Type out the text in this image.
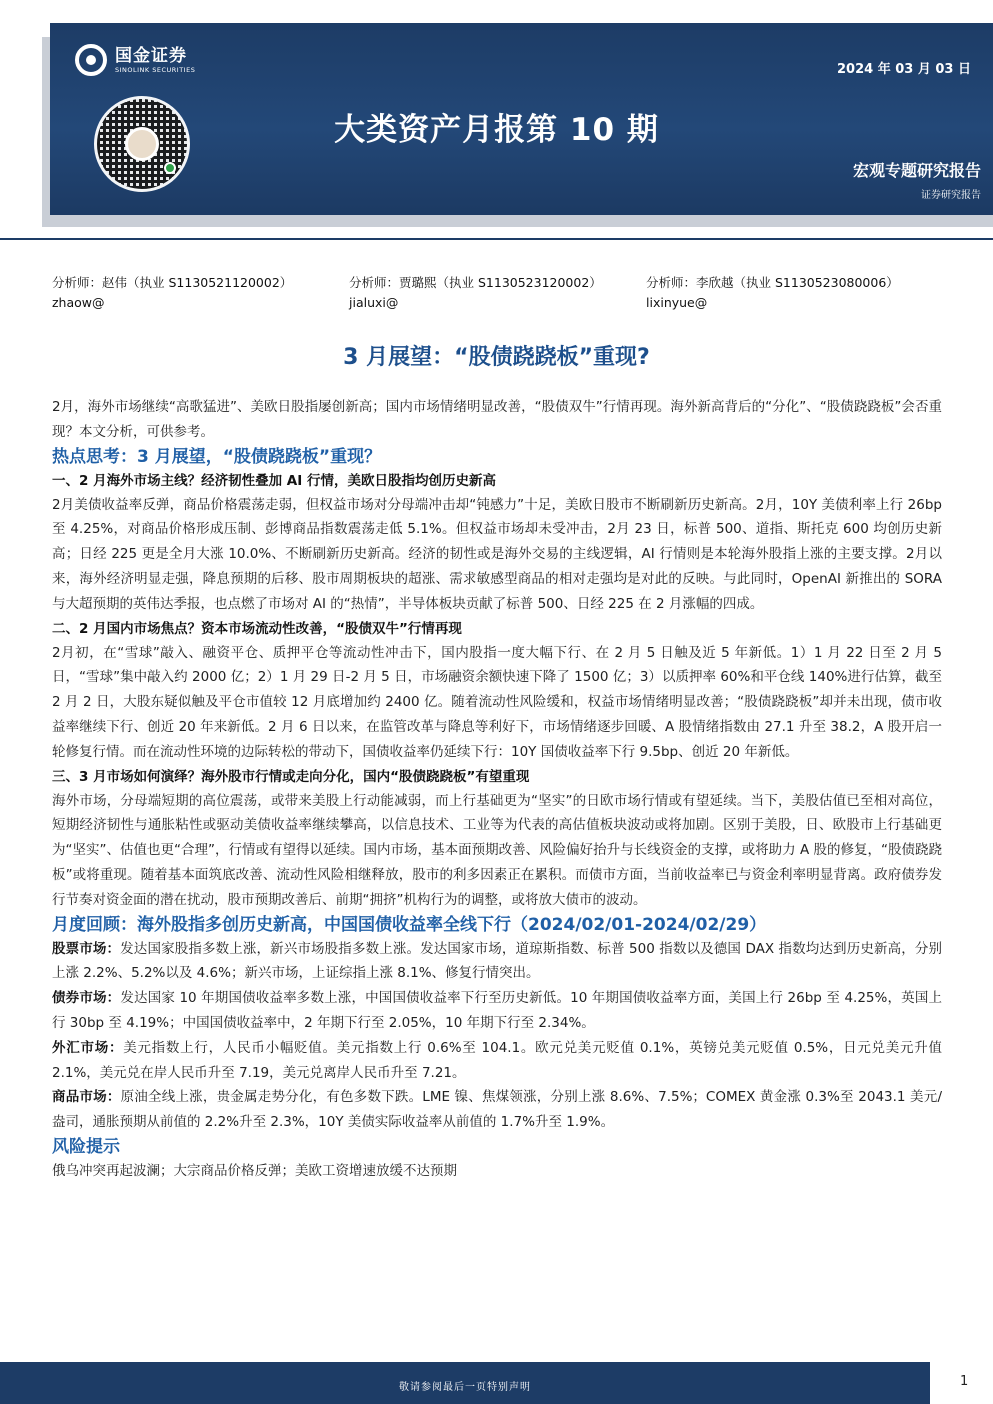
国金证券
SINOLINK SECURITIES	2024 年 03 月 03 日
大类资产月报第 10 期
宏观专题研究报告
证券研究报告
分析师：赵伟（执业 S1130521120002）
zhaow@
分析师：贾璐熙（执业 S1130523120002）
jialuxi@
分析师：李欣越（执业 S1130523080006）
lixinyue@
3 月展望：“股债跷跷板”重现?

2月，海外市场继续“高歌猛进”、美欧日股指屡创新高；国内市场情绪明显改善，“股债双牛”行情再现。海外新高背后的“分化”、“股债跷跷板”会否重现？本文分析，可供参考。

热点思考：3 月展望，“股债跷跷板”重现？
一、2 月海外市场主线？经济韧性叠加 AI 行情，美欧日股指均创历史新高

2月美债收益率反弹，商品价格震荡走弱，但权益市场对分母端冲击却“钝感力”十足，美欧日股市不断刷新历史新高。2月，10Y 美债利率上行 26bp 至 4.25%，对商品价格形成压制、彭博商品指数震荡走低 5.1%。但权益市场却未受冲击，2月 23 日，标普 500、道指、斯托克 600 均创历史新高；日经 225 更是全月大涨 10.0%、不断刷新历史新高。经济的韧性或是海外交易的主线逻辑，AI 行情则是本轮海外股指上涨的主要支撑。2月以来，海外经济明显走强，降息预期的后移、股市周期板块的超涨、需求敏感型商品的相对走强均是对此的反映。与此同时，OpenAI 新推出的 SORA 与大超预期的英伟达季报，也点燃了市场对 AI 的“热情”，半导体板块贡献了标普 500、日经 225 在 2 月涨幅的四成。

二、2 月国内市场焦点？资本市场流动性改善，“股债双牛”行情再现

2月初，在“雪球”敲入、融资平仓、质押平仓等流动性冲击下，国内股指一度大幅下行、在 2 月 5 日触及近 5 年新低。1）1 月 22 日至 2 月 5 日，“雪球”集中敲入约 2000 亿；2）1 月 29 日-2 月 5 日，市场融资余额快速下降了 1500 亿；3）以质押率 60%和平仓线 140%进行估算，截至 2 月 2 日，大股东疑似触及平仓市值较 12 月底增加约 2400 亿。随着流动性风险缓和，权益市场情绪明显改善；“股债跷跷板”却并未出现，债市收益率继续下行、创近 20 年来新低。2 月 6 日以来，在监管改革与降息等利好下，市场情绪逐步回暖、A 股情绪指数由 27.1 升至 38.2，A 股开启一轮修复行情。而在流动性环境的边际转松的带动下，国债收益率仍延续下行：10Y 国债收益率下行 9.5bp、创近 20 年新低。

三、3 月市场如何演绎？海外股市行情或走向分化，国内“股债跷跷板”有望重现

海外市场，分母端短期的高位震荡，或带来美股上行动能减弱，而上行基础更为“坚实”的日欧市场行情或有望延续。当下，美股估值已至相对高位，短期经济韧性与通胀粘性或驱动美债收益率继续攀高，以信息技术、工业等为代表的高估值板块波动或将加剧。区别于美股，日、欧股市上行基础更为“坚实”、估值也更“合理”，行情或有望得以延续。国内市场，基本面预期改善、风险偏好抬升与长线资金的支撑，或将助力 A 股的修复，“股债跷跷板”或将重现。随着基本面筑底改善、流动性风险相继释放，股市的利多因素正在累积。而债市方面，当前收益率已与资金利率明显背离。政府债券发行节奏对资金面的潜在扰动，股市预期改善后、前期“拥挤”机构行为的调整，或将放大债市的波动。

月度回顾：海外股指多创历史新高，中国国债收益率全线下行（2024/02/01-2024/02/29）

股票市场：发达国家股指多数上涨，新兴市场股指多数上涨。发达国家市场，道琼斯指数、标普 500 指数以及德国 DAX 指数均达到历史新高，分别上涨 2.2%、5.2%以及 4.6%；新兴市场，上证综指上涨 8.1%、修复行情突出。

债券市场：发达国家 10 年期国债收益率多数上涨，中国国债收益率下行至历史新低。10 年期国债收益率方面，美国上行 26bp 至 4.25%，英国上行 30bp 至 4.19%；中国国债收益率中，2 年期下行至 2.05%，10 年期下行至 2.34%。

外汇市场：美元指数上行，人民币小幅贬值。美元指数上行 0.6%至 104.1。欧元兑美元贬值 0.1%，英镑兑美元贬值 0.5%，日元兑美元升值 2.1%，美元兑在岸人民币升至 7.19，美元兑离岸人民币升至 7.21。

商品市场：原油全线上涨，贵金属走势分化，有色多数下跌。LME 镍、焦煤领涨，分别上涨 8.6%、7.5%；COMEX 黄金涨 0.3%至 2043.1 美元/盎司，通胀预期从前值的 2.2%升至 2.3%，10Y 美债实际收益率从前值的 1.7%升至 1.9%。

风险提示

俄乌冲突再起波澜；大宗商品价格反弹；美欧工资增速放缓不达预期

敬请参阅最后一页特别声明	1
